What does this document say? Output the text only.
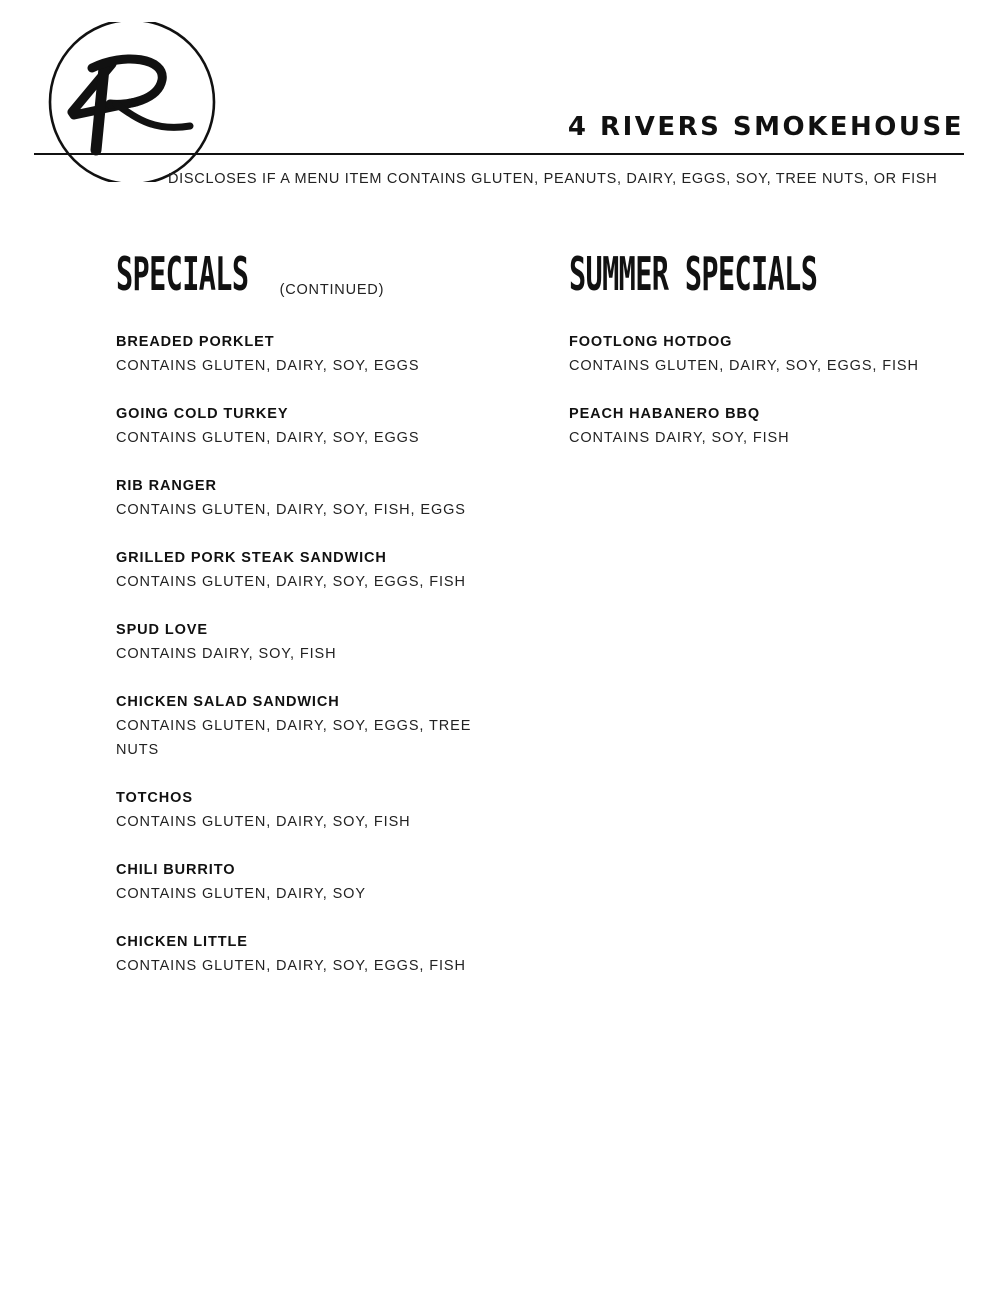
4 RIVERS SMOKEHOUSE
DISCLOSES IF A MENU ITEM CONTAINS GLUTEN, PEANUTS, DAIRY, EGGS, SOY, TREE NUTS, OR FISH
SPECIALS (CONTINUED)
BREADED PORKLET
CONTAINS GLUTEN, DAIRY, SOY, EGGS
GOING COLD TURKEY
CONTAINS GLUTEN, DAIRY, SOY, EGGS
RIB RANGER
CONTAINS GLUTEN, DAIRY, SOY, FISH, EGGS
GRILLED PORK STEAK SANDWICH
CONTAINS GLUTEN, DAIRY, SOY, EGGS, FISH
SPUD LOVE
CONTAINS DAIRY, SOY, FISH
CHICKEN SALAD SANDWICH
CONTAINS GLUTEN, DAIRY, SOY, EGGS, TREE NUTS
TOTCHOS
CONTAINS GLUTEN, DAIRY, SOY, FISH
CHILI BURRITO
CONTAINS GLUTEN, DAIRY, SOY
CHICKEN LITTLE
CONTAINS GLUTEN, DAIRY, SOY, EGGS, FISH
SUMMER SPECIALS
FOOTLONG HOTDOG
CONTAINS GLUTEN, DAIRY, SOY, EGGS, FISH
PEACH HABANERO BBQ
CONTAINS DAIRY, SOY, FISH
